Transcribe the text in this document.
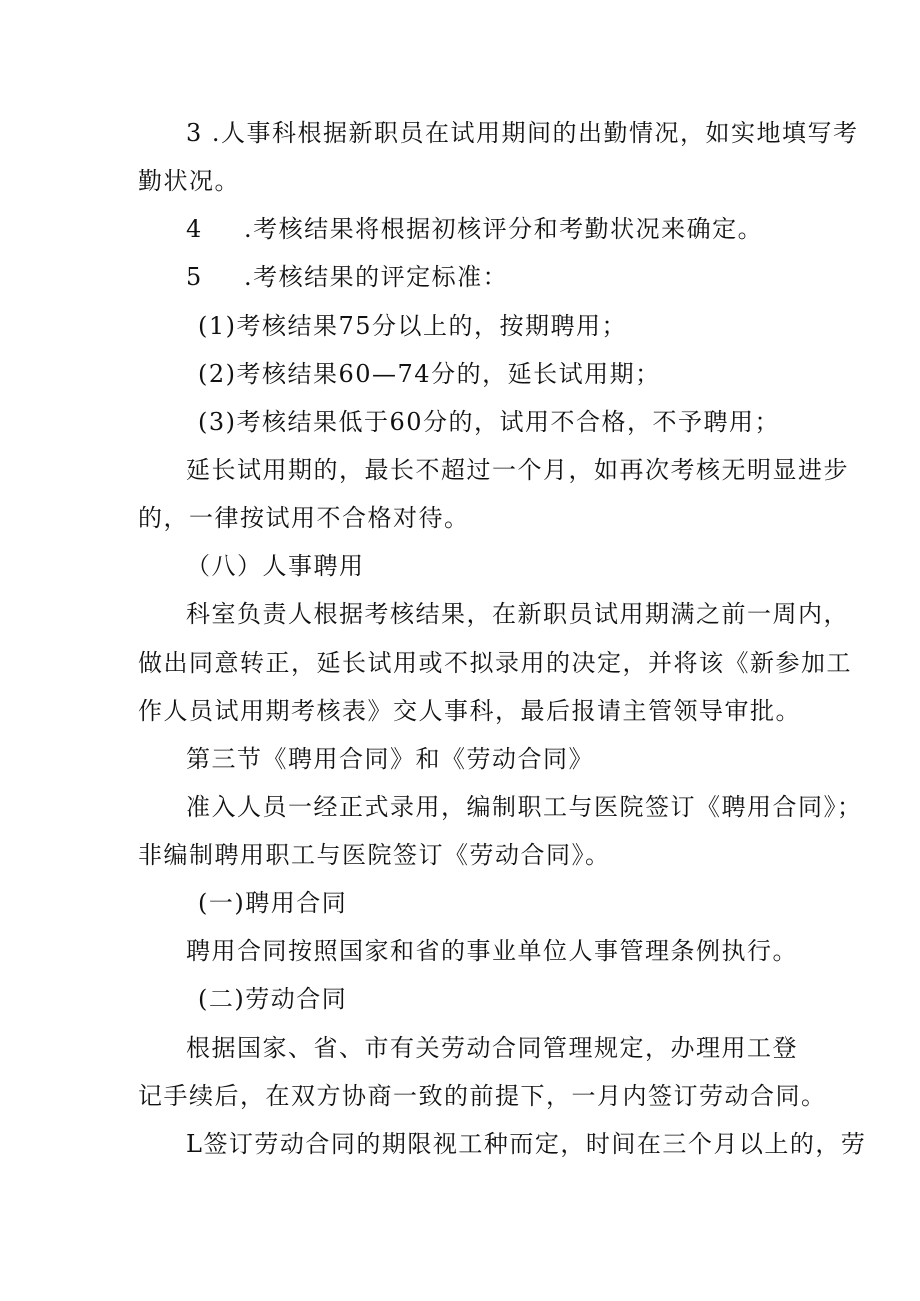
3 .人事科根据新职员在试用期间的出勤情况，如实地填写考
勤状况。
4 .考核结果将根据初核评分和考勤状况来确定。
5 .考核结果的评定标准：
(1)考核结果75分以上的，按期聘用；
(2)考核结果60—74分的，延长试用期；
(3)考核结果低于60分的，试用不合格，不予聘用；
延长试用期的，最长不超过一个月，如再次考核无明显进步
的，一律按试用不合格对待。
（八）人事聘用
科室负责人根据考核结果，在新职员试用期满之前一周内，
做出同意转正，延长试用或不拟录用的决定，并将该《新参加工
作人员试用期考核表》交人事科，最后报请主管领导审批。
第三节《聘用合同》和《劳动合同》
准入人员一经正式录用，编制职工与医院签订《聘用合同》；
非编制聘用职工与医院签订《劳动合同》。
(一)聘用合同
聘用合同按照国家和省的事业单位人事管理条例执行。
(二)劳动合同
根据国家、省、市有关劳动合同管理规定，办理用工登
记手续后，在双方协商一致的前提下，一月内签订劳动合同。
L签订劳动合同的期限视工种而定，时间在三个月以上的，劳
